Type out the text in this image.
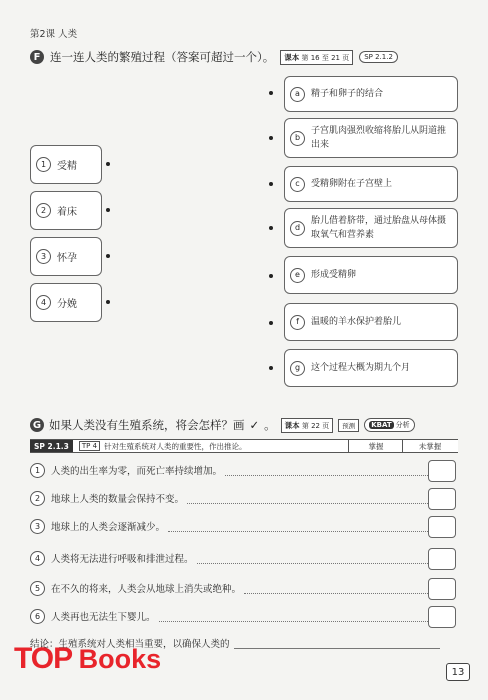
第2课 人类
F 连一连人类的繁殖过程（答案可超过一个）。	课本 第 16 至 21 页	SP 2.1.2
1	受精
2	着床
3	怀孕
4	分娩
a	精子和卵子的结合
b
子宫肌肉强烈收缩将胎儿从阴道推出来
c	受精卵附在子宫壁上
d
胎儿借着脐带，通过胎盘从母体摄取氧气和营养素
e	形成受精卵
f	温暖的羊水保护着胎儿
g	这个过程大概为期九个月
G 如果人类没有生殖系统，将会怎样？画 ✓ 。	课本 第 22 页	预测	KBAT 分析
SP 2.1.3	TP 4 针对生殖系统对人类的重要性，作出推论。	掌握	未掌握
1	人类的出生率为零，而死亡率持续增加。
2	地球上人类的数量会保持不变。
3	地球上的人类会逐渐减少。
4	人类将无法进行呼吸和排泄过程。
5	在不久的将来，人类会从地球上消失或绝种。
6	人类再也无法生下婴儿。
结论：生殖系统对人类相当重要，以确保人类的
13
TOP Books
